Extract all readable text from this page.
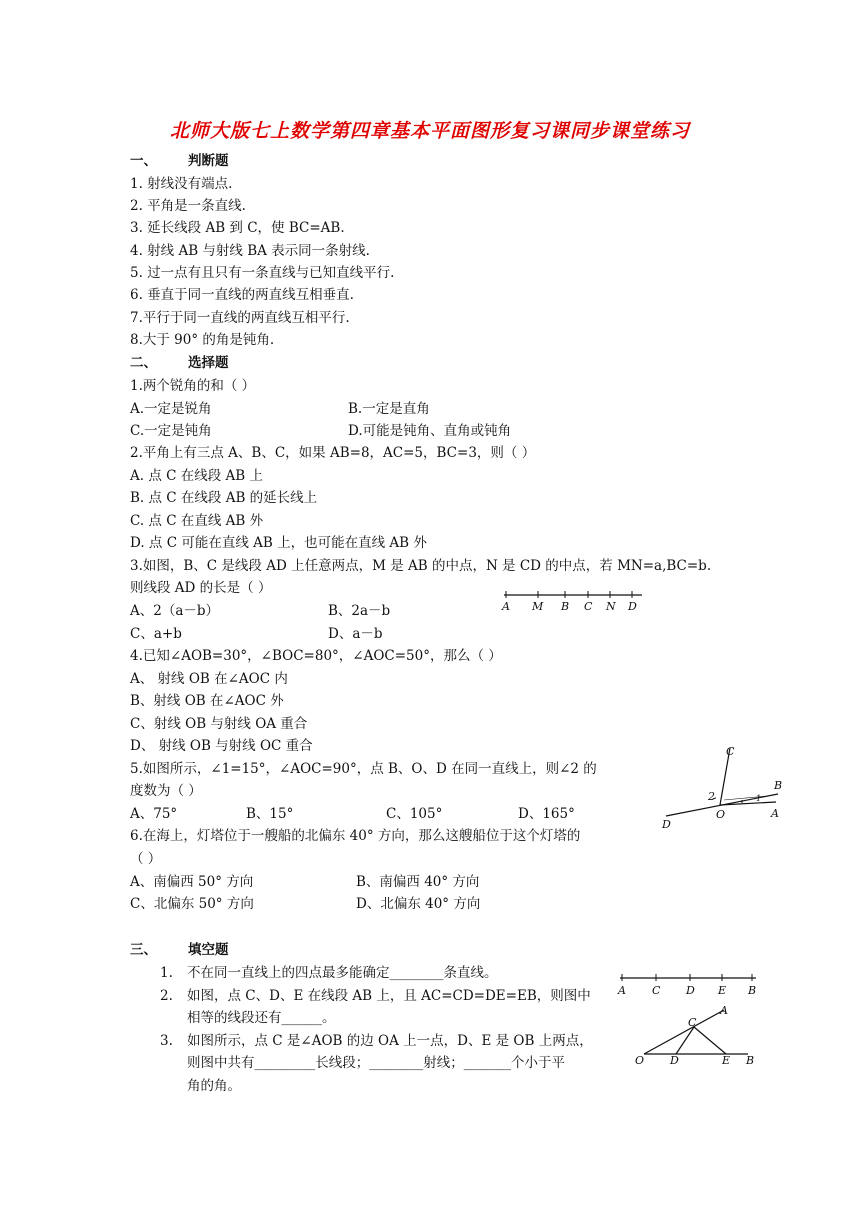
北师大版七上数学第四章基本平面图形复习课同步课堂练习
一、 判断题
1. 射线没有端点.
2. 平角是一条直线.
3. 延长线段 AB 到 C，使 BC=AB.
4. 射线 AB 与射线 BA 表示同一条射线.
5. 过一点有且只有一条直线与已知直线平行.
6. 垂直于同一直线的两直线互相垂直.
7.平行于同一直线的两直线互相平行.
8.大于 90° 的角是钝角.
二、 选择题
1.两个锐角的和（ ）
A.一定是锐角	B.一定是直角
C.一定是钝角	D.可能是钝角、直角或钝角
2.平角上有三点 A、B、C，如果 AB=8，AC=5，BC=3，则（ ）
A. 点 C 在线段 AB 上
B. 点 C 在线段 AB 的延长线上
C. 点 C 在直线 AB 外
D. 点 C 可能在直线 AB 上，也可能在直线 AB 外
3.如图，B、C 是线段 AD 上任意两点，M 是 AB 的中点，N 是 CD 的中点，若 MN=a,BC=b.
则线段 AD 的长是（ ）
A、2（a－b）	B、2a－b
C、a+b	D、a－b
A M B C N D
4.已知∠AOB=30°，∠BOC=80°，∠AOC=50°，那么（ ）
A、 射线 OB 在∠AOC 内
B、射线 OB 在∠AOC 外
C、射线 OB 与射线 OA 重合
D、 射线 OB 与射线 OC 重合
5.如图所示，∠1=15°，∠AOC=90°，点 B、O、D 在同一直线上，则∠2 的
度数为（ ）
A、75°	B、15°	C、105°	D、165°
C
B
A
O
D
2	1
6.在海上，灯塔位于一艘船的北偏东 40° 方向，那么这艘船位于这个灯塔的
（ ）
A、南偏西 50° 方向	B、南偏西 40° 方向
C、北偏东 50° 方向	D、北偏东 40° 方向
三、 填空题
1. 不在同一直线上的四点最多能确定________条直线。
2. 如图，点 C、D、E 在线段 AB 上，且 AC=CD=DE=EB，则图中
相等的线段还有______。
3. 如图所示，点 C 是∠AOB 的边 OA 上一点，D、E 是 OB 上两点，
则图中共有_________长线段；________射线；_______个小于平
角的角。
A C D E B
A
C
O D	E B
